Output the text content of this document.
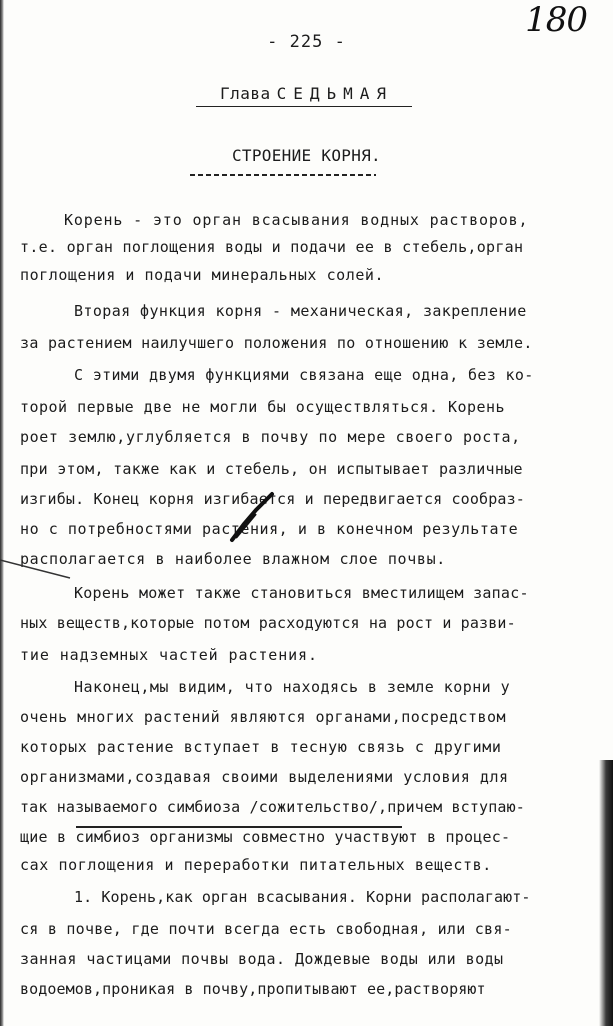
180
- 225 -
Глава СЕДЬМАЯ
СТРОЕНИЕ КОРНЯ.
Корень - это орган всасывания водных растворов,
т.е. орган поглощения воды и подачи ее в стебель,орган
поглощения и подачи минеральных солей.
Вторая функция корня - механическая, закрепление
за растением наилучшего положения по отношению к земле.
С этими двумя функциями связана еще одна, без ко-
торой первые две не могли бы осуществляться. Корень
роет землю,углубляется в почву по мере своего роста,
при этом, также как и стебель, он испытывает различные
изгибы. Конец корня изгибается и передвигается сообраз-
но с потребностями растения, и в конечном результате
располагается в наиболее влажном слое почвы.
Корень может также становиться вместилищем запас-
ных веществ,которые потом расходуются на рост и разви-
тие надземных частей растения.
Наконец,мы видим, что находясь в земле корни у
очень многих растений являются органами,посредством
которых растение вступает в тесную связь с другими
организмами,создавая своими выделениями условия для
так называемого симбиоза /сожительство/,причем вступаю-
щие в симбиоз организмы совместно участвуют в процес-
сах поглощения и переработки питательных веществ.
1. Корень,как орган всасывания. Корни располагают-
ся в почве, где почти всегда есть свободная, или свя-
занная частицами почвы вода. Дождевые воды или воды
водоемов,проникая в почву,пропитывают ее,растворяют
